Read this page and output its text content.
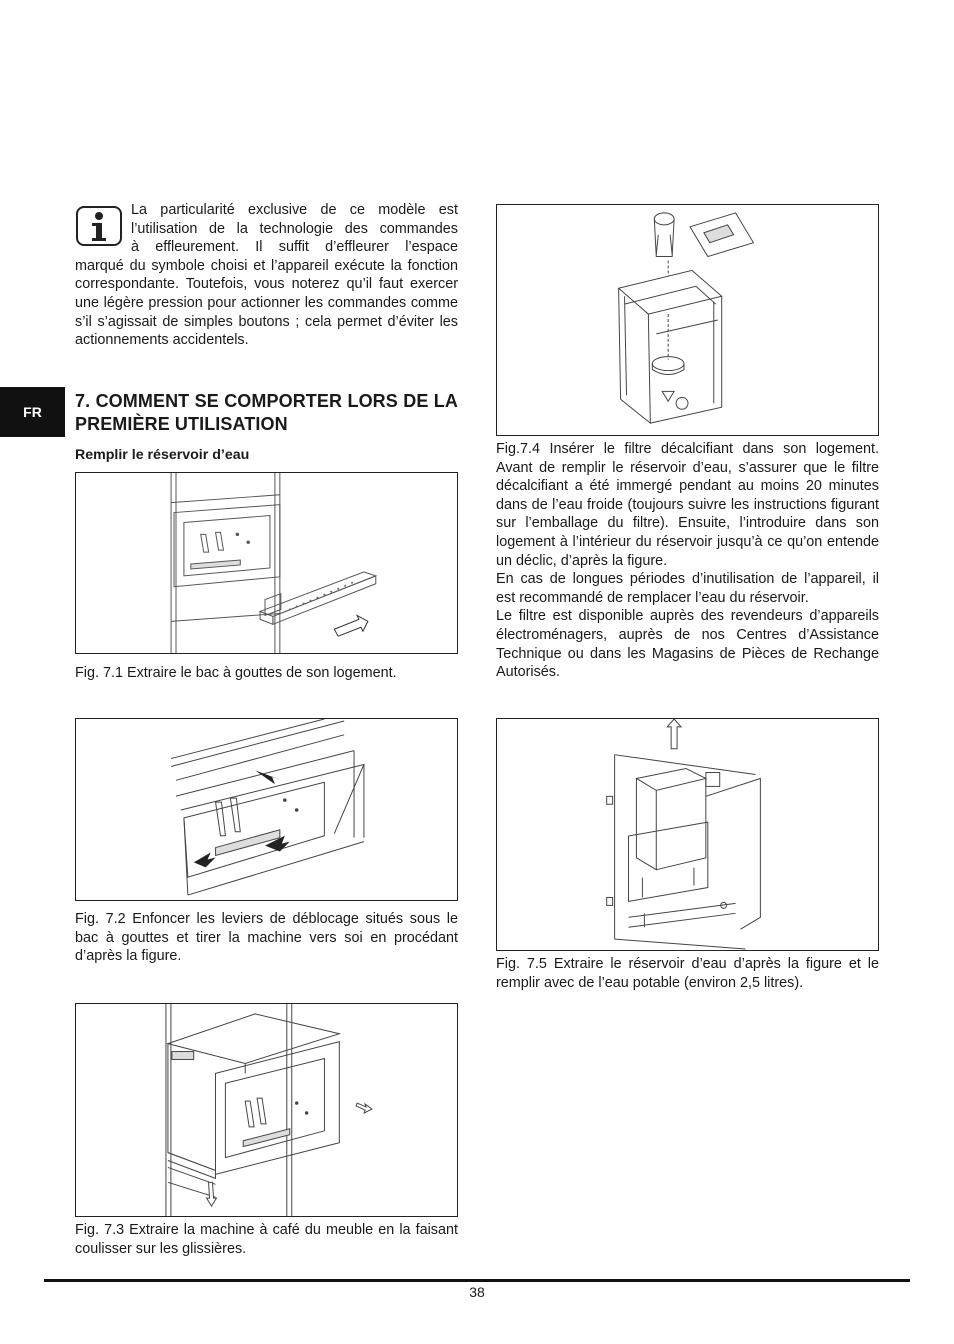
La particularité exclusive de ce modèle est

l’utilisation de la technologie des commandes

à effleurement. Il suffit d’effleurer l’espace

marqué du symbole choisi et l’appareil exécute la fonction correspondante. Toutefois, vous noterez qu’il faut exercer une légère pression pour actionner les commandes comme s’il s’agissait de simples boutons ; cela permet d’éviter les actionnements accidentels.

FR
7. COMMENT SE COMPORTER LORS DE LA
PREMIÈRE UTILISATION
Remplir le réservoir d’eau
Fig. 7.1 Extraire le bac à gouttes de son logement.
Fig. 7.2 Enfoncer les leviers de déblocage situés sous le bac à gouttes et tirer la machine vers soi en procédant d’après la figure.
Fig. 7.3 Extraire la machine à café du meuble en la faisant coulisser sur les glissières.

Fig.7.4 Insérer le filtre décalcifiant dans son logement. Avant de remplir le réservoir d’eau, s’assurer que le filtre décalcifiant a été immergé pendant au moins 20 minutes dans de l’eau froide (toujours suivre les instructions figurant sur l’emballage du filtre). Ensuite, l’introduire dans son logement à l’intérieur du réservoir jusqu’à ce qu’on entende un déclic, d’après la figure.

En cas de longues périodes d’inutilisation de l’appareil, il est recommandé de remplacer l’eau du réservoir.

Le filtre est disponible auprès des revendeurs d’appareils électroménagers, auprès de nos Centres d’Assistance Technique ou dans les Magasins de Pièces de Rechange Autorisés.

Fig. 7.5 Extraire le réservoir d’eau d’après la figure et le remplir avec de l’eau potable (environ 2,5 litres).
38
